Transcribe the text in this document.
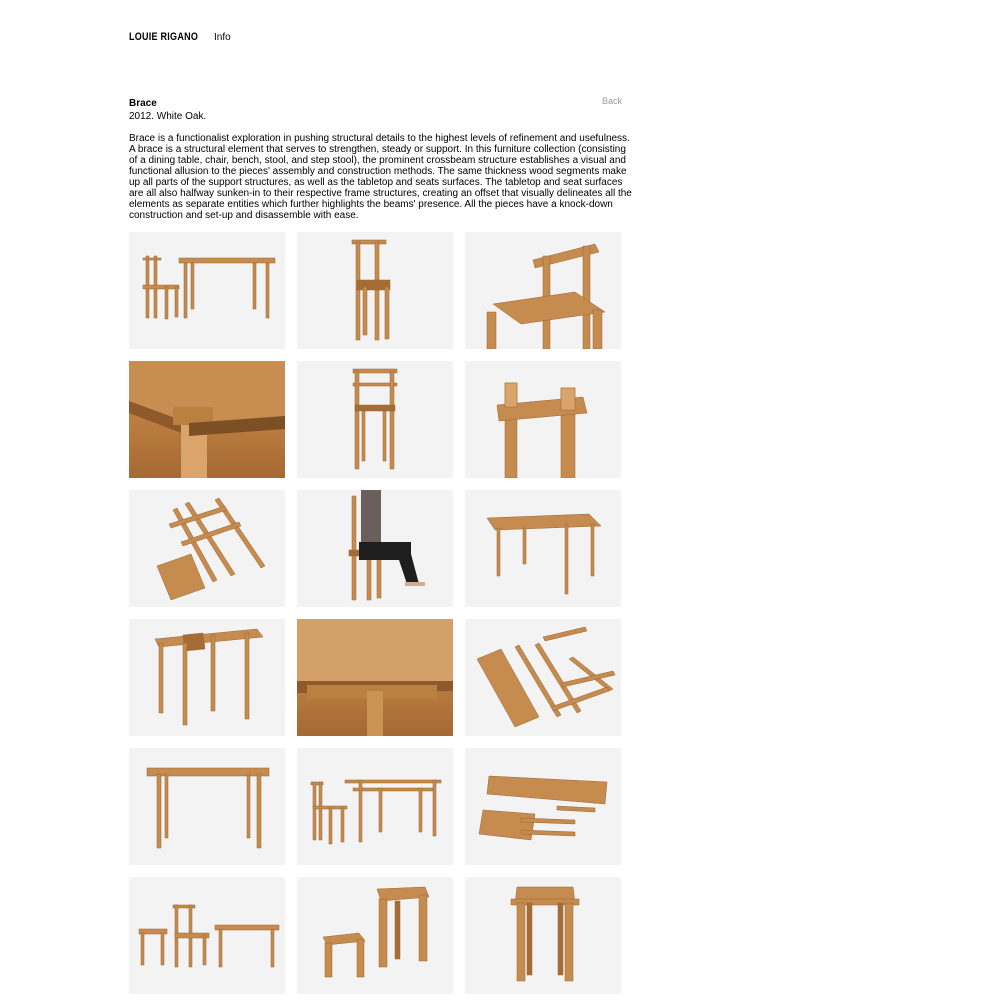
LOUIE RIGANO Info

Brace

2012. White Oak.

Brace is a functionalist exploration in pushing structural details to the highest levels of refinement and usefulness. A brace is a structural element that serves to strengthen, steady or support. In this furniture collection (consisting of a dining table, chair, bench, stool, and step stool), the prominent crossbeam structure establishes a visual and functional allusion to the pieces' assembly and construction methods. The same thickness wood segments make up all parts of the support structures, as well as the tabletop and seats surfaces. The tabletop and seat surfaces are all also halfway sunken-in to their respective frame structures, creating an offset that visually delineates all the elements as separate entities which further highlights the beams' presence. All the pieces have a knock-down construction and set-up and disassemble with ease.

Back
